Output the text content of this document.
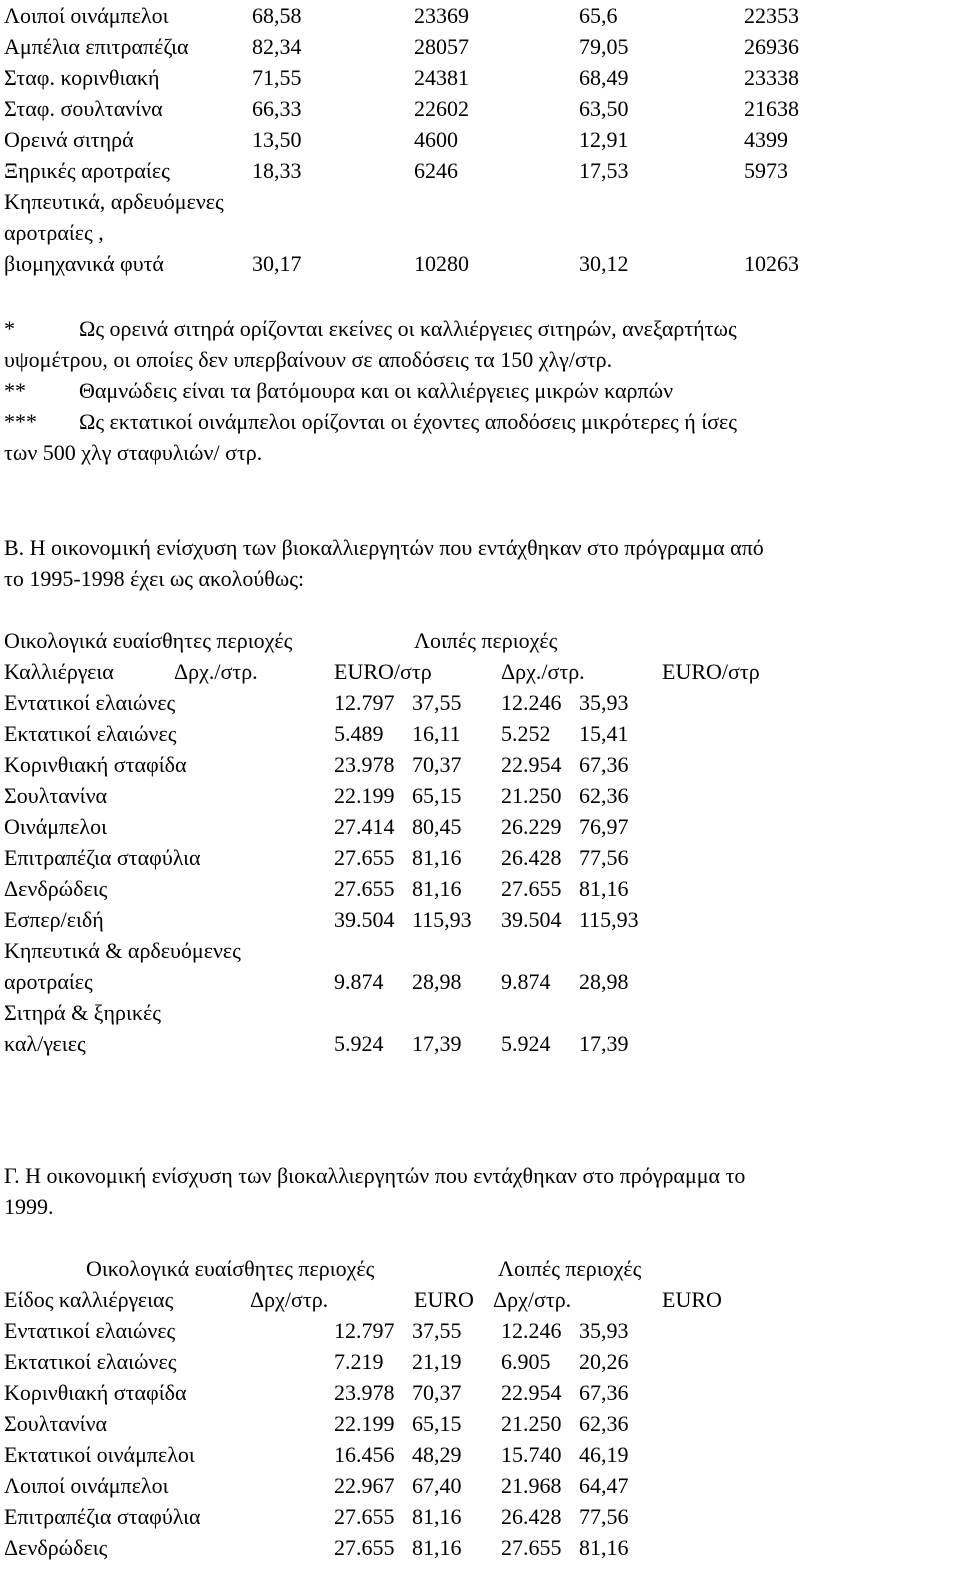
Λοιποί οινάμπελοι	68,58	23369	65,6	22353
Αμπέλια επιτραπέζια	82,34	28057	79,05	26936
Σταφ. κορινθιακή	71,55	24381	68,49	23338
Σταφ. σουλτανίνα	66,33	22602	63,50	21638
Ορεινά σιτηρά	13,50	4600	12,91	4399
Ξηρικές αροτραίες	18,33	6246	17,53	5973
Κηπευτικά, αρδευόμενες
αροτραίες ,
βιομηχανικά φυτά	30,17	10280	30,12	10263
*	Ως ορεινά σιτηρά ορίζονται εκείνες οι καλλιέργειες σιτηρών, ανεξαρτήτως
υψομέτρου, οι οποίες δεν υπερβαίνουν σε αποδόσεις τα 150 χλγ/στρ.
**	Θαμνώδεις είναι τα βατόμουρα και οι καλλιέργειες μικρών καρπών
***	Ως εκτατικοί οινάμπελοι ορίζονται οι έχοντες αποδόσεις μικρότερες ή ίσες
των 500 χλγ σταφυλιών/ στρ.
Β. Η οικονομική ενίσχυση των βιοκαλλιεργητών που εντάχθηκαν στο πρόγραμμα από
το 1995-1998 έχει ως ακολούθως:
Οικολογικά ευαίσθητες περιοχές	Λοιπές περιοχές
Καλλιέργεια	Δρχ./στρ.	EURO/στρ	Δρχ./στρ.	EURO/στρ
Εντατικοί ελαιώνες	12.797 37,55 12.246 35,93
Εκτατικοί ελαιώνες	5.489 16,11 5.252 15,41
Κορινθιακή σταφίδα	23.978 70,37 22.954 67,36
Σουλτανίνα	22.199 65,15 21.250 62,36
Οινάμπελοι	27.414 80,45 26.229 76,97
Επιτραπέζια σταφύλια	27.655 81,16 26.428 77,56
Δενδρώδεις	27.655 81,16 27.655 81,16
Εσπερ/ειδή	39.504 115,93 39.504 115,93
Κηπευτικά & αρδευόμενες
αροτραίες	9.874 28,98 9.874 28,98
Σιτηρά & ξηρικές
καλ/γειες	5.924 17,39 5.924 17,39
Γ. Η οικονομική ενίσχυση των βιοκαλλιεργητών που εντάχθηκαν στο πρόγραμμα το
1999.
Οικολογικά ευαίσθητες περιοχές	Λοιπές περιοχές
Είδος καλλιέργειας	Δρχ/στρ.	EURO Δρχ/στρ.	EURO
Εντατικοί ελαιώνες	12.797 37,55 12.246 35,93
Εκτατικοί ελαιώνες	7.219 21,19 6.905 20,26
Κορινθιακή σταφίδα	23.978 70,37 22.954 67,36
Σουλτανίνα	22.199 65,15 21.250 62,36
Εκτατικοί οινάμπελοι	16.456 48,29 15.740 46,19
Λοιποί οινάμπελοι	22.967 67,40 21.968 64,47
Επιτραπέζια σταφύλια	27.655 81,16 26.428 77,56
Δενδρώδεις	27.655 81,16 27.655 81,16
